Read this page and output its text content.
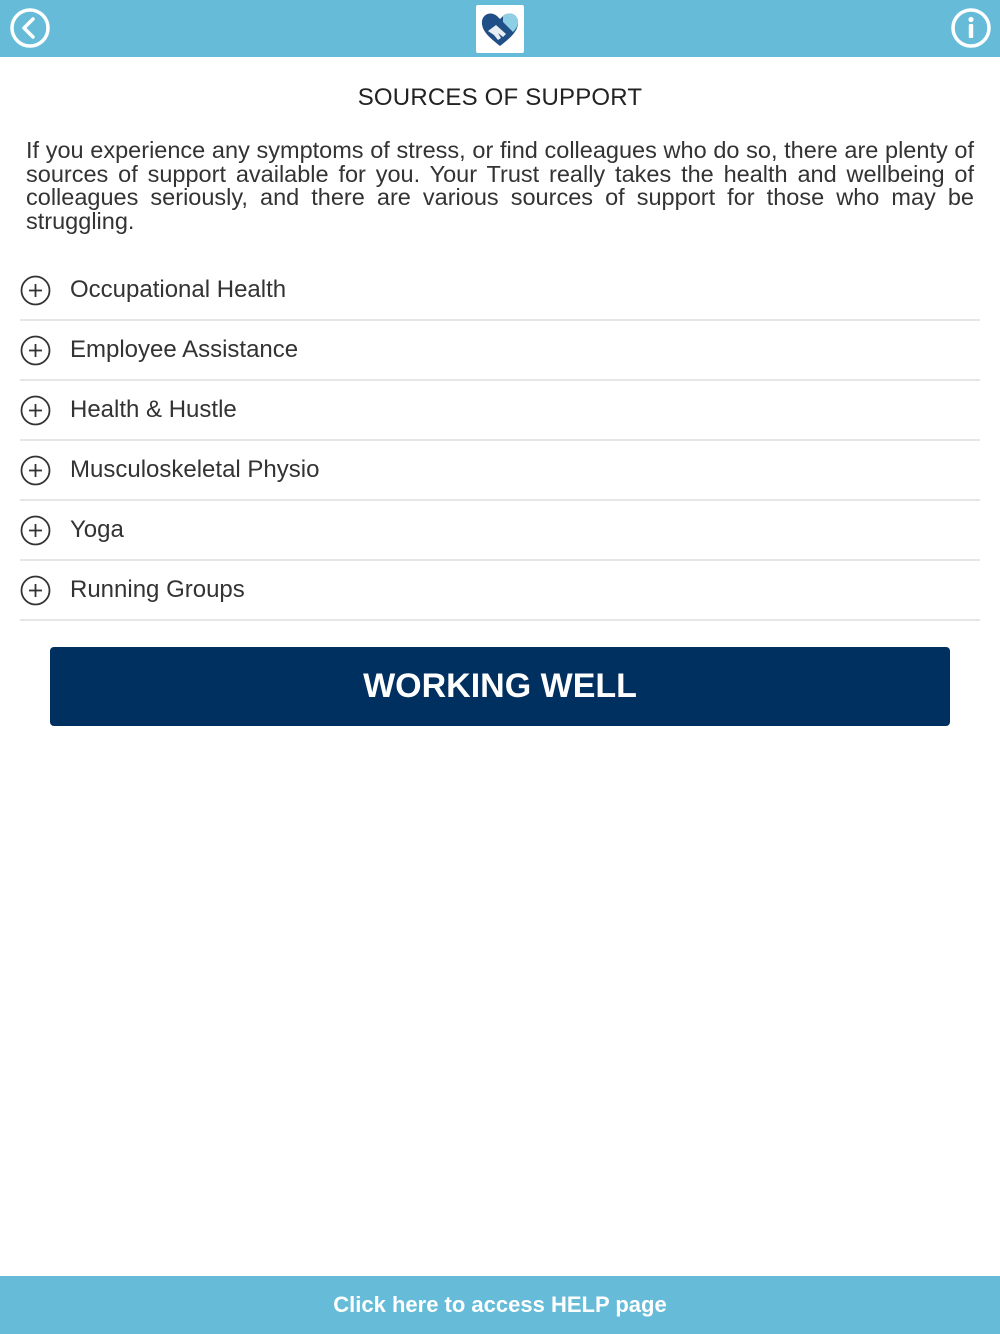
SOURCES OF SUPPORT
If you experience any symptoms of stress, or find colleagues who do so, there are plenty of sources of support available for you. Your Trust really takes the health and wellbeing of colleagues seriously, and there are various sources of support for those who may be struggling.
Occupational Health
Employee Assistance
Health & Hustle
Musculoskeletal Physio
Yoga
Running Groups
WORKING WELL
Click here to access HELP page
